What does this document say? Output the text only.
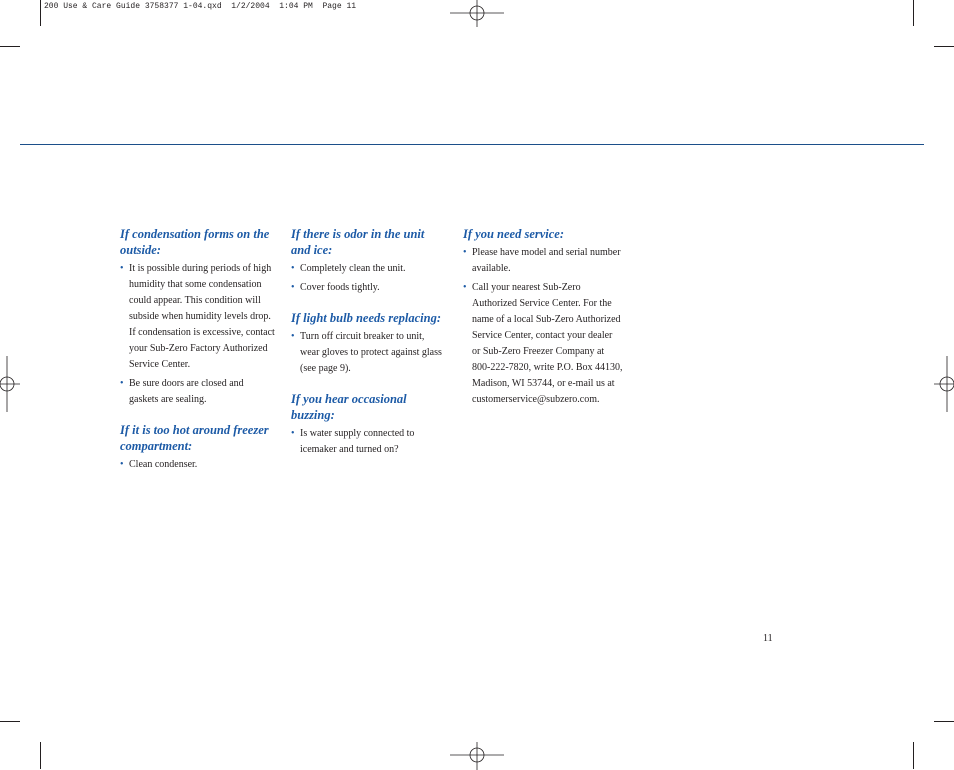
200 Use & Care Guide 3758377 1-04.qxd  1/2/2004  1:04 PM  Page 11
If condensation forms on the outside:
• It is possible during periods of high humidity that some condensation could appear. This condition will subside when humidity levels drop. If condensation is excessive, contact your Sub-Zero Factory Authorized Service Center.
• Be sure doors are closed and gaskets are sealing.
If it is too hot around freezer compartment:
• Clean condenser.
If there is odor in the unit and ice:
• Completely clean the unit.
• Cover foods tightly.
If light bulb needs replacing:
• Turn off circuit breaker to unit, wear gloves to protect against glass (see page 9).
If you hear occasional buzzing:
• Is water supply connected to icemaker and turned on?
If you need service:
• Please have model and serial number available.
• Call your nearest Sub-Zero Authorized Service Center. For the name of a local Sub-Zero Authorized Service Center, contact your dealer or Sub-Zero Freezer Company at 800-222-7820, write P.O. Box 44130, Madison, WI 53744, or e-mail us at customerservice@subzero.com.
11
